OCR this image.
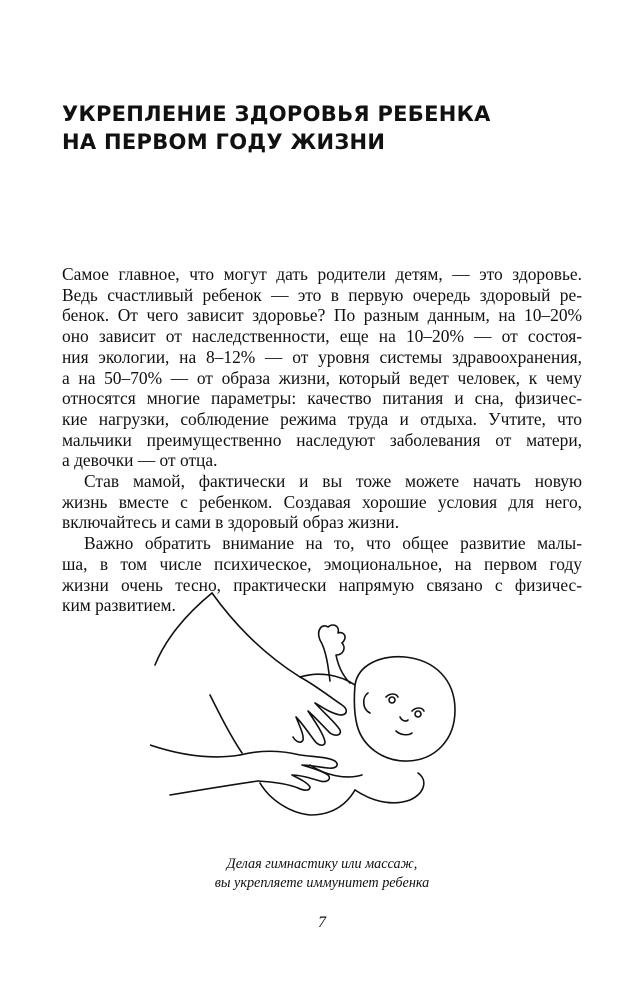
УКРЕПЛЕНИЕ ЗДОРОВЬЯ РЕБЕНКА
НА ПЕРВОМ ГОДУ ЖИЗНИ

Самое главное, что могут дать родители детям, — это здоровье.
Ведь счастливый ребенок — это в первую очередь здоровый ре-
бенок. От чего зависит здоровье? По разным данным, на 10–20%
оно зависит от наследственности, еще на 10–20% — от состоя-
ния экологии, на 8–12% — от уровня системы здравоохранения,
а на 50–70% — от образа жизни, который ведет человек, к чему
относятся многие параметры: качество питания и сна, физичес-
кие нагрузки, соблюдение режима труда и отдыха. Учтите, что
мальчики преимущественно наследуют заболевания от матери,
а девочки — от отца.

Став мамой, фактически и вы тоже можете начать новую
жизнь вместе с ребенком. Создавая хорошие условия для него,
включайтесь и сами в здоровый образ жизни.

Важно обратить внимание на то, что общее развитие малы-
ша, в том числе психическое, эмоциональное, на первом году
жизни очень тесно, практически напрямую связано с физичес-
ким развитием.

Делая гимнастику или массаж,
вы укрепляете иммунитет ребенка
7
